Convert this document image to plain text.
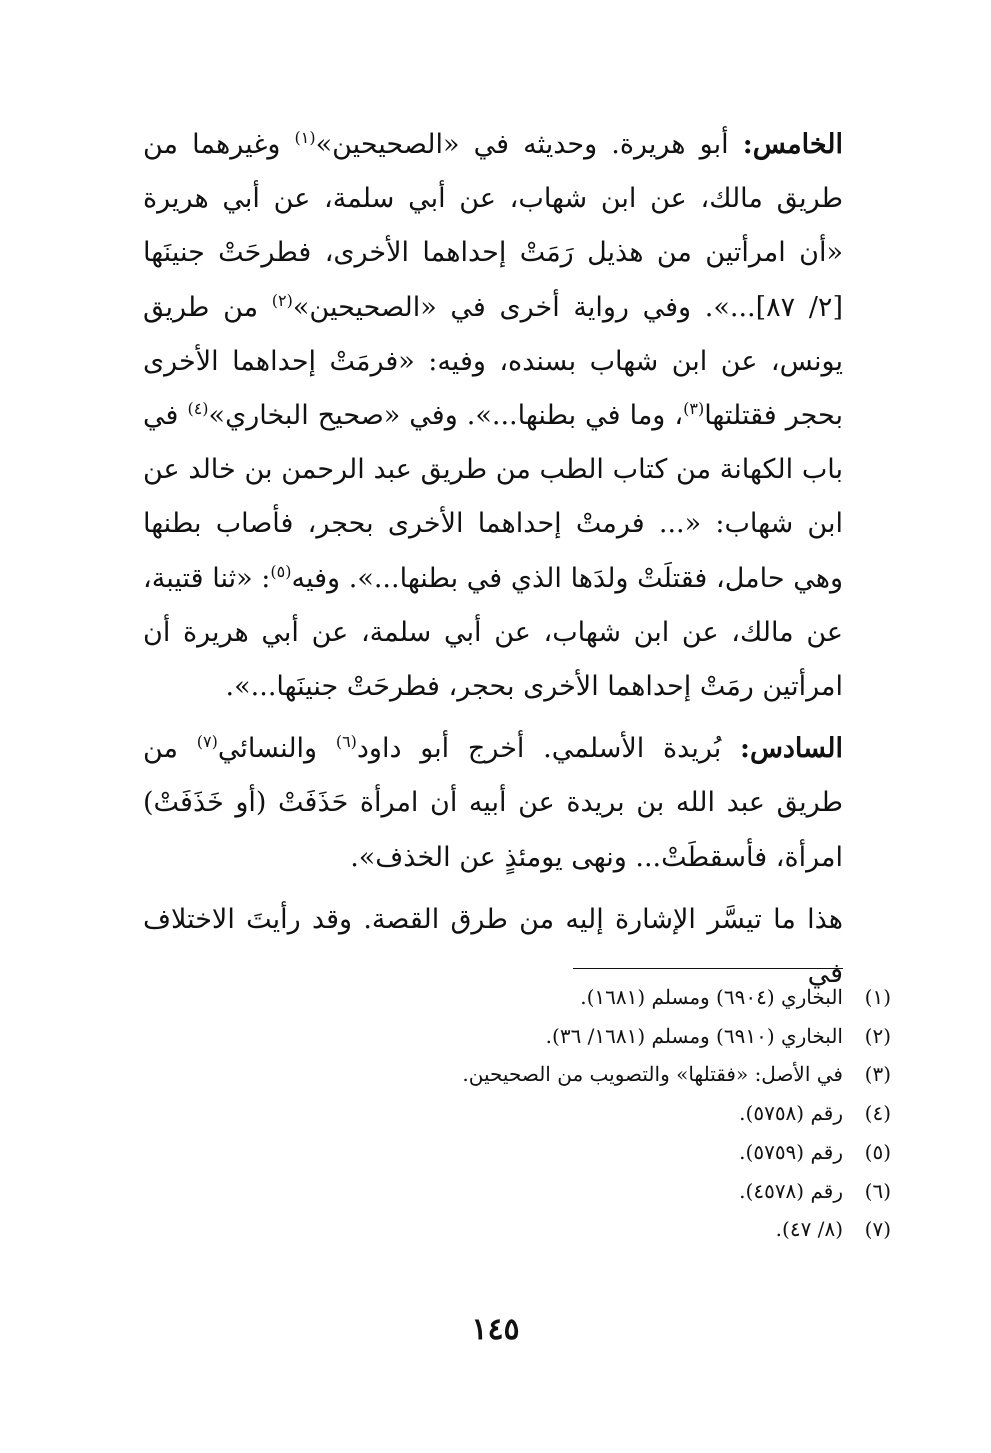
الخامس: أبو هريرة. وحديثه في «الصحيحين»$^{(١)}$ وغيرهما من طريق مالك، عن ابن شهاب، عن أبي سلمة، عن أبي هريرة «أن امرأتين من هذيل رَمَتْ إحداهما الأخرى، فطرحَتْ جنينَها [٢/ ٨٧]...». وفي رواية أخرى في «الصحيحين»$^{(٢)}$ من طريق يونس، عن ابن شهاب بسنده، وفيه: «فرمَتْ إحداهما الأخرى بحجر فقتلتها$^{(٣)}$، وما في بطنها...». وفي «صحيح البخاري»$^{(٤)}$ في باب الكهانة من كتاب الطب من طريق عبد الرحمن بن خالد عن ابن شهاب: «... فرمتْ إحداهما الأخرى بحجر، فأصاب بطنها وهي حامل، فقتلَتْ ولدَها الذي في بطنها...». وفيه$^{(٥)}$: «ثنا قتيبة، عن مالك، عن ابن شهاب، عن أبي سلمة، عن أبي هريرة أن امرأتين رمَتْ إحداهما الأخرى بحجر، فطرحَتْ جنينَها...».

السادس: بُريدة الأسلمي. أخرج أبو داود$^{(٦)}$ والنسائي$^{(٧)}$ من طريق عبد الله بن بريدة عن أبيه أن امرأة حَذَفَتْ (أو خَذَفَتْ) امرأة، فأسقطَتْ... ونهى يومئذٍ عن الخذف».

هذا ما تيسَّر الإشارة إليه من طرق القصة. وقد رأيتَ الاختلاف في

(١)
البخاري (٦٩٠٤) ومسلم (١٦٨١).
(٢)
البخاري (٦٩١٠) ومسلم (١٦٨١/ ٣٦).
(٣)
في الأصل: «فقتلها» والتصويب من الصحيحين.
(٤)
رقم (٥٧٥٨).
(٥)
رقم (٥٧٥٩).
(٦)
رقم (٤٥٧٨).
(٧)
(٨/ ٤٧).
١٤٥
